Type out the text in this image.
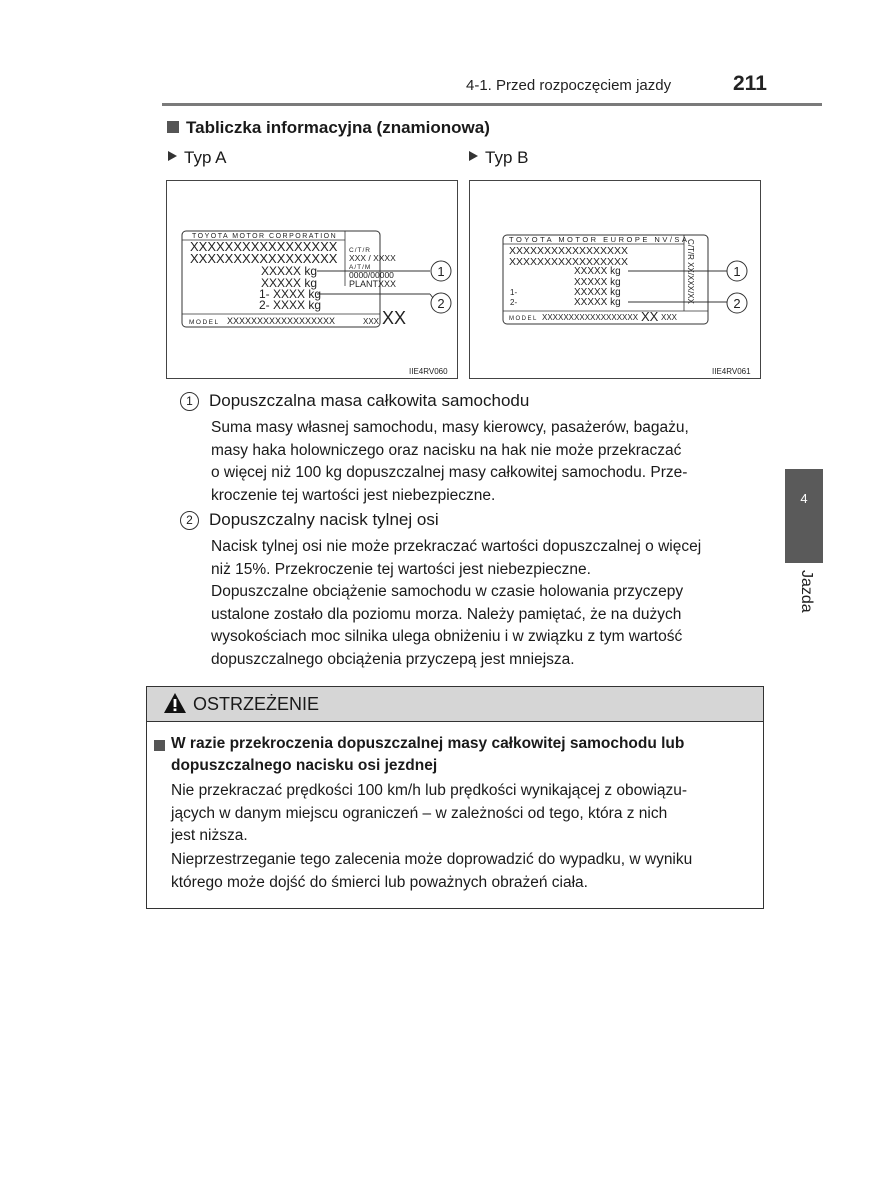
4-1. Przed rozpoczęciem jazdy	211
Tabliczka informacyjna (znamionowa)
Typ A	Typ B
TOYOTA MOTOR CORPORATION
XXXXXXXXXXXXXXXXX
XXXXXXXXXXXXXXXXX
C/T/R
XXX / XXXX
A/T/M
0000/00000
XXXXX kg
XXXXX kg	PLANTXXX
1- XXXX kg
2- XXXX kg
MODEL XXXXXXXXXXXXXXXXXX	XXX XX
1
2
IIE4RV060
TOYOTA MOTOR EUROPE NV/SA
XXXXXXXXXXXXXXXXX
XXXXXXXXXXXXXXXXX
XXXXX kg
XXXXX kg
1-	XXXXX kg
2-	XXXXX kg	C/T/R XX/XXX/XX
MODEL XXXXXXXXXXXXXXXXXX XX XXX
1
2
IIE4RV061
1 Dopuszczalna masa całkowita samochodu
Suma masy własnej samochodu, masy kierowcy, pasażerów, bagażu,
masy haka holowniczego oraz nacisku na hak nie może przekraczać
o więcej niż 100 kg dopuszczalnej masy całkowitej samochodu. Prze-
kroczenie tej wartości jest niebezpieczne.
2 Dopuszczalny nacisk tylnej osi
Nacisk tylnej osi nie może przekraczać wartości dopuszczalnej o więcej
niż 15%. Przekroczenie tej wartości jest niebezpieczne.
Dopuszczalne obciążenie samochodu w czasie holowania przyczepy
ustalone zostało dla poziomu morza. Należy pamiętać, że na dużych
wysokościach moc silnika ulega obniżeniu i w związku z tym wartość
dopuszczalnego obciążenia przyczepą jest mniejsza.
4
Jazda
OSTRZEŻENIE
W razie przekroczenia dopuszczalnej masy całkowitej samochodu lub
dopuszczalnego nacisku osi jezdnej
Nie przekraczać prędkości 100 km/h lub prędkości wynikającej z obowiązu-
jących w danym miejscu ograniczeń – w zależności od tego, która z nich
jest niższa.
Nieprzestrzeganie tego zalecenia może doprowadzić do wypadku, w wyniku
którego może dojść do śmierci lub poważnych obrażeń ciała.
